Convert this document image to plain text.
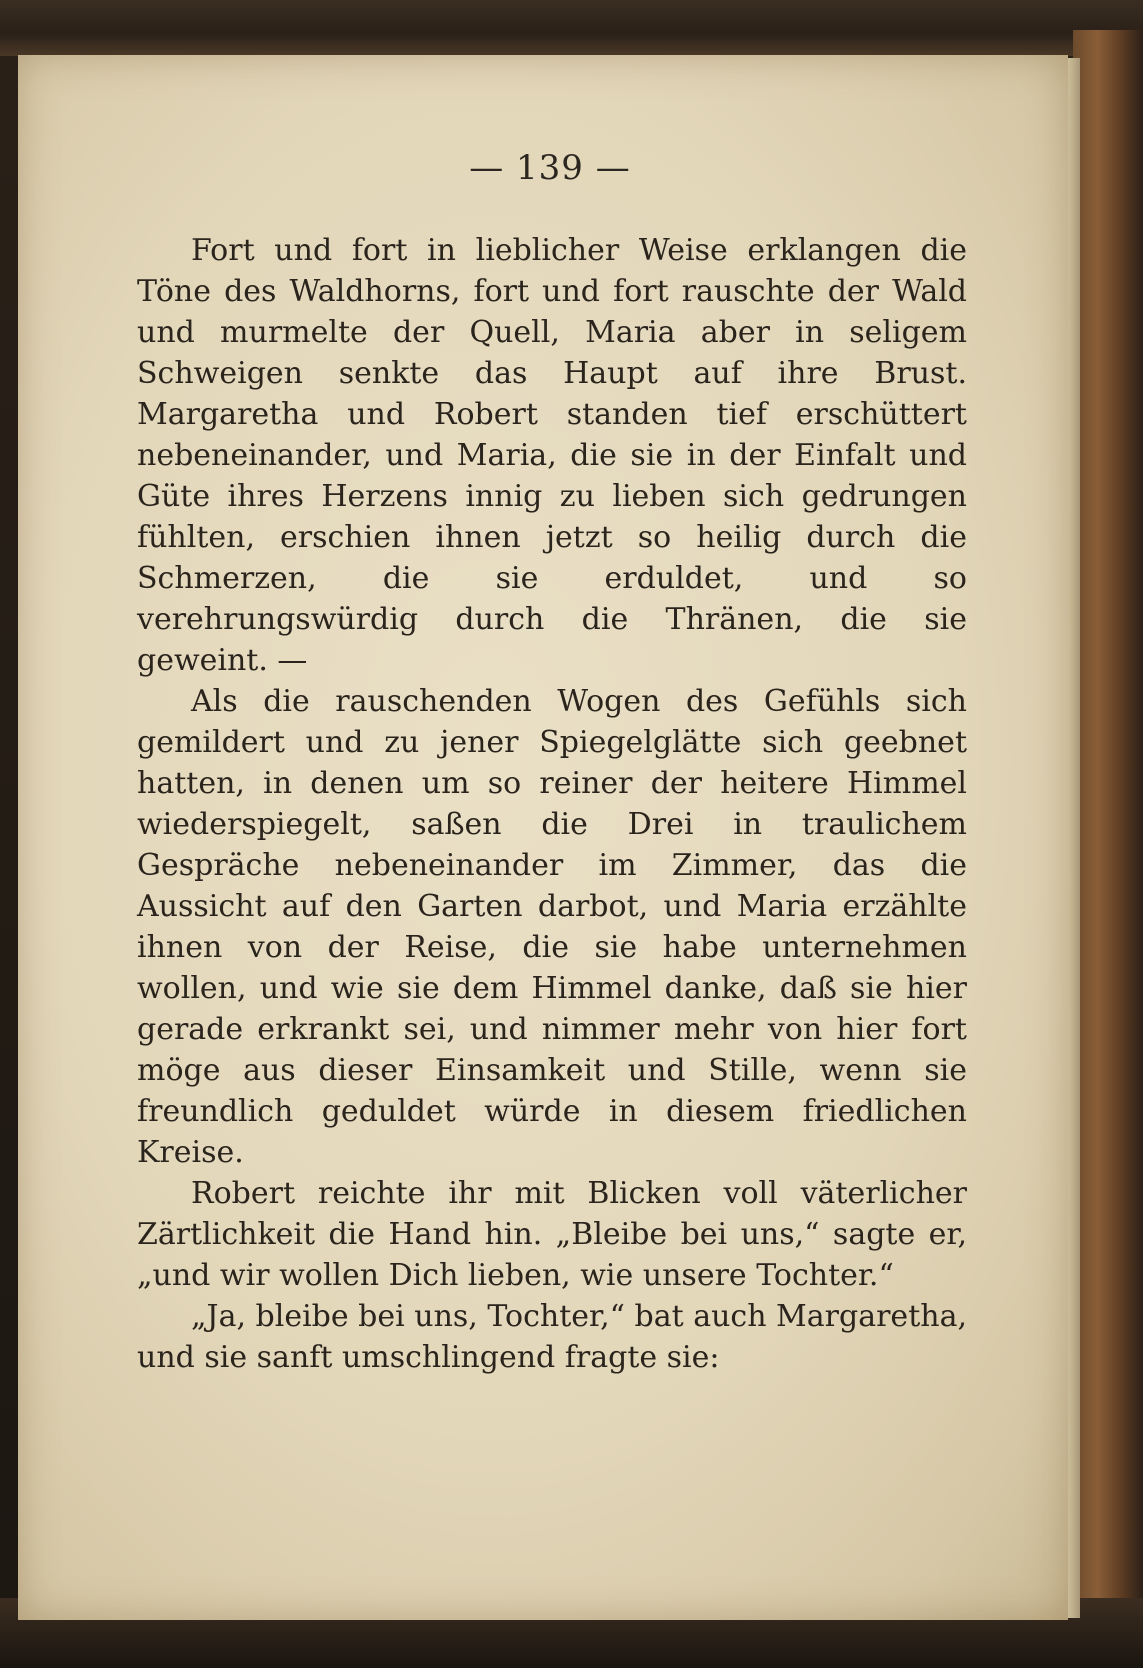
— 139 —

Fort und fort in lieblicher Weise erklangen die Töne des Waldhorns, fort und fort rauschte der Wald und murmelte der Quell, Maria aber in seligem Schweigen senkte das Haupt auf ihre Brust. Margaretha und Robert standen tief erschüttert nebeneinander, und Maria, die sie in der Einfalt und Güte ihres Herzens innig zu lieben sich gedrungen fühlten, erschien ihnen jetzt so heilig durch die Schmerzen, die sie erduldet, und so verehrungswürdig durch die Thränen, die sie geweint. —

Als die rauschenden Wogen des Gefühls sich gemildert und zu jener Spiegelglätte sich geebnet hatten, in denen um so reiner der heitere Himmel wiederspiegelt, saßen die Drei in traulichem Gespräche nebeneinander im Zimmer, das die Aussicht auf den Garten darbot, und Maria erzählte ihnen von der Reise, die sie habe unternehmen wollen, und wie sie dem Himmel danke, daß sie hier gerade erkrankt sei, und nimmer mehr von hier fort möge aus dieser Einsamkeit und Stille, wenn sie freundlich geduldet würde in diesem friedlichen Kreise.

Robert reichte ihr mit Blicken voll väterlicher Zärtlichkeit die Hand hin. „Bleibe bei uns,“ sagte er, „und wir wollen Dich lieben, wie unsere Tochter.“

„Ja, bleibe bei uns, Tochter,“ bat auch Margaretha, und sie sanft umschlingend fragte sie:
